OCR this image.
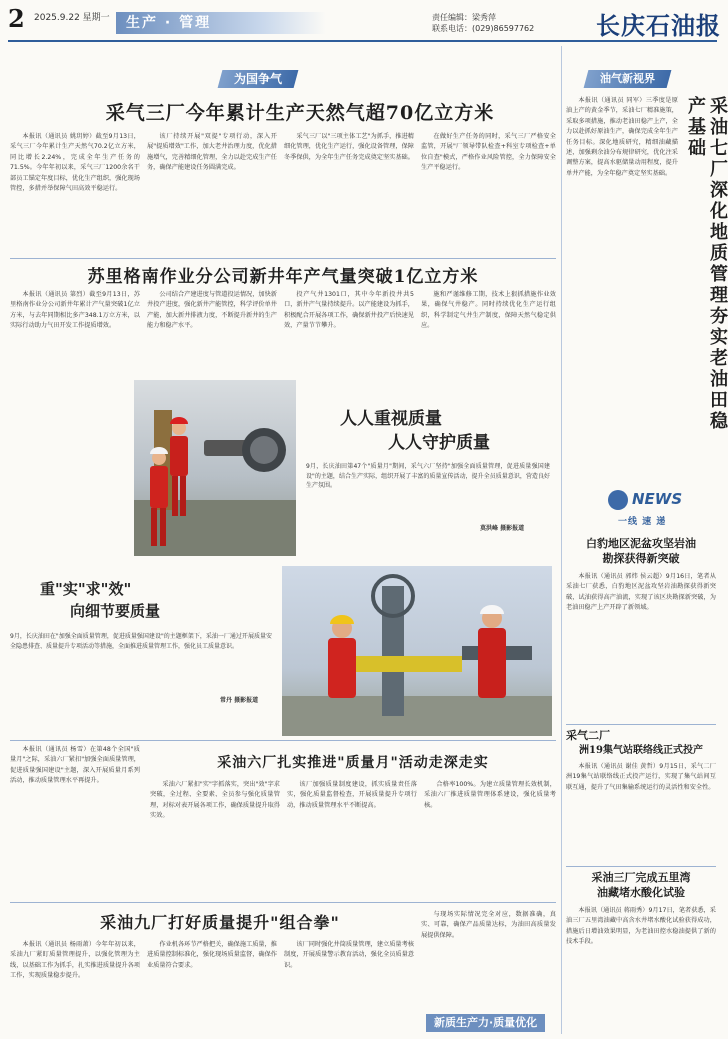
2 2025.9.22 星期一	生产 · 管理	责任编辑：梁秀萍
联系电话：(029)86597762	长庆石油报
为国争气
采气三厂今年累计生产天然气超70亿立方米

本报讯（通讯员 姚玥婷）截至9月13日，采气三厂今年累计生产天然气70.2亿立方米，同比增长2.24%，完成全年生产任务的71.5%。今年年初以来，采气三厂1200余名干部员工锚定年度目标，优化生产组织，强化现场管控，多措并举保障气田高效平稳运行。

该厂持续开展"双提"专项行动，深入开展"提质增效"工作，加大老井治理力度，优化措施增气，完善精细化管理，全力以赴完成生产任务，确保产能建设任务圆满完成。

采气三厂以"三项主体工艺"为抓手，推进精细化管理，优化生产运行，强化设备管理，保障冬季保供，为全年生产任务完成奠定坚实基础。

在做好生产任务的同时，采气三厂严格安全监管，开展"厂领导带队检查+科室专项检查+单位自查"模式，严格作业风险管控，全力保障安全生产平稳运行。

苏里格南作业分公司新井年产气量突破1亿立方米

本报讯（通讯员 第烈）截至9月13日，苏里格南作业分公司新井年累计产气量突破1亿立方米，与去年同期相比多产348.1万立方米，以实际行动助力气田开发工作提质增效。

公司结合产建进度与管道投运情况，加快新井投产进度，强化新井产能管控，科学评价单井产能，加大新井排液力度，不断提升新井的生产能力和稳产水平。

投产气井1301口，其中今年新投井共5口，新井产气量持续提升。以产能建设为抓手，积极配合开展各项工作，确保新井投产后快速见效，产量节节攀升。

施和严谨维修工期，技术上狠抓措施作业效果，确保气井稳产。同时持续优化生产运行组织，科学制定气井生产制度，保障天然气稳定供应。

人人重视质量
人人守护质量
9月，长庆油田第47个"质量月"期间，采气六厂坚持"加强全面质量管理，促进质量强国建设"的主题，结合生产实际，组织开展了丰富的质量宣传活动，提升全员质量意识，营造良好生产氛围。
莫洪峰 摄影报道
重"实"求"效"
向细节要质量
9月，长庆油田在"加强全面质量管理，促进质量强国建设"的主题框架下，采油一厂通过开展质量安全隐患排查、质量提升专项活动等措施，全面推进质量管理工作，强化员工质量意识。
常丹 摄影报道

本报讯（通讯员 杨雪）在第48个全国"质量月"之际，采油六厂紧扣"加强全面质量管理，促进质量强国建设"主题，深入开展质量月系列活动，推动质量管理水平再提升。

采油六厂扎实推进"质量月"活动走深走实

采油六厂紧扣"实"字抓落实，突出"效"字求突破，全过程、全要素、全员参与强化质量管理，对标对表开展各项工作，确保质量提升取得实效。

该厂加强质量制度建设，抓实质量责任落实，强化质量监督检查，开展质量提升专项行动，推动质量管理水平不断提高。

合格率100%。为建立质量管理长效机制，采油六厂推进质量管理体系建设，强化质量考核。

采油九厂打好质量提升"组合拳"

本报讯（通讯员 杨雨萧）今年年初以来，采油九厂紧盯质量管理提升，以强化管理为主线，以基础工作为抓手，扎实推进质量提升各项工作，实现质量稳步提升。

作业机各环节严格把关，确保施工质量，推进质量控制标准化，强化现场质量监督，确保作业质量符合要求。

该厂同时强化井筒质量管理，建立质量考核制度，开展质量警示教育活动，强化全员质量意识。

与现场实际情况完全对应，数据准确，真实、可靠，确保产品质量达标，为油田高质量发展提供保障。

新质生产力·质量优化
油气新视界

本报讯（通讯员 同军）三季度是原油上产的黄金季节，采油七厂精准施策，采取多项措施，推动老油田稳产上产，全力以赴抓好原油生产，确保完成全年生产任务目标。深化地质研究，精细油藏描述，加强剩余油分布规律研究，优化注采调整方案，提高水驱储量动用程度，提升单井产能，为全年稳产奠定坚实基础。	采油七厂深化地质管理夯实老油田稳产基础
NEWS
一线 速 递
白豹地区泥盆攻坚岩油
勘探获得新突破

本报讯（通讯员 郭炜 侯云超）9月16日，笔者从采油七厂获悉，白豹地区泥盆攻坚岩油勘探获得新突破，试油获得高产油流，实现了该区块勘探新突破，为老油田稳产上产开辟了新领域。

采气二厂
洲19集气站联络线正式投产

本报讯（通讯员 谢佳 黄哲）9月15日，采气二厂洲19集气站联络线正式投产运行，实现了集气站间互联互通，提升了气田集输系统运行的灵活性和安全性。

采油三厂完成五里湾
油藏堵水酸化试验

本报讯（通讯员 蒋雨秀）9月17日，笔者获悉，采油三厂五里湾油藏中高含水井堵水酸化试验获得成功，措施后日增油效果明显，为老油田控水稳油提供了新的技术手段。
